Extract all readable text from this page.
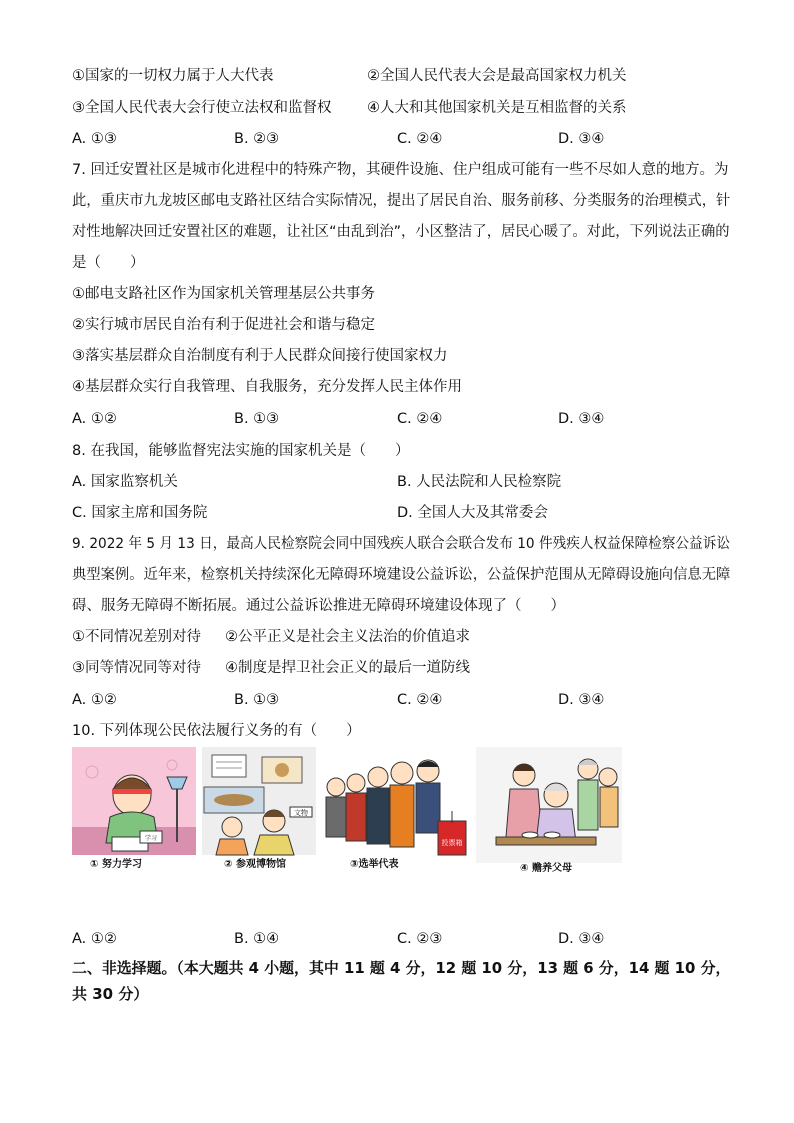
①国家的一切权力属于人大代表	②全国人民代表大会是最高国家权力机关
③全国人民代表大会行使立法权和监督权 ④人大和其他国家机关是互相监督的关系
A. ①③	B. ②③	C. ②④	D. ③④
7. 回迁安置社区是城市化进程中的特殊产物，其硬件设施、住户组成可能有一些不尽如人意的地方。为
此，重庆市九龙坡区邮电支路社区结合实际情况，提出了居民自治、服务前移、分类服务的治理模式，针
对性地解决回迁安置社区的难题，让社区“由乱到治”，小区整洁了，居民心暖了。对此，下列说法正确的
是（　　）
①邮电支路社区作为国家机关管理基层公共事务
②实行城市居民自治有利于促进社会和谐与稳定
③落实基层群众自治制度有利于人民群众间接行使国家权力
④基层群众实行自我管理、自我服务，充分发挥人民主体作用
A. ①②	B. ①③	C. ②④	D. ③④
8. 在我国，能够监督宪法实施的国家机关是（　　）
A. 国家监察机关	B. 人民法院和人民检察院
C. 国家主席和国务院	D. 全国人大及其常委会
9. 2022 年 5 月 13 日，最高人民检察院会同中国残疾人联合会联合发布 10 件残疾人权益保障检察公益诉讼
典型案例。近年来，检察机关持续深化无障碍环境建设公益诉讼，公益保护范围从无障碍设施向信息无障
碍、服务无障碍不断拓展。通过公益诉讼推进无障碍环境建设体现了（　　）
①不同情况差别对待 ②公平正义是社会主义法治的价值追求
③同等情况同等对待 ④制度是捍卫社会正义的最后一道防线
A. ①②	B. ①③	C. ②④	D. ③④
10. 下列体现公民依法履行义务的有（　　）
学习
① 努力学习
文物
② 参观博物馆
投票箱
③选举代表	④ 赡养父母
A. ①②	B. ①④	C. ②③	D. ③④
二、非选择题。（本大题共 4 小题，其中 11 题 4 分，12 题 10 分，13 题 6 分，14 题 10 分，
共 30 分）
